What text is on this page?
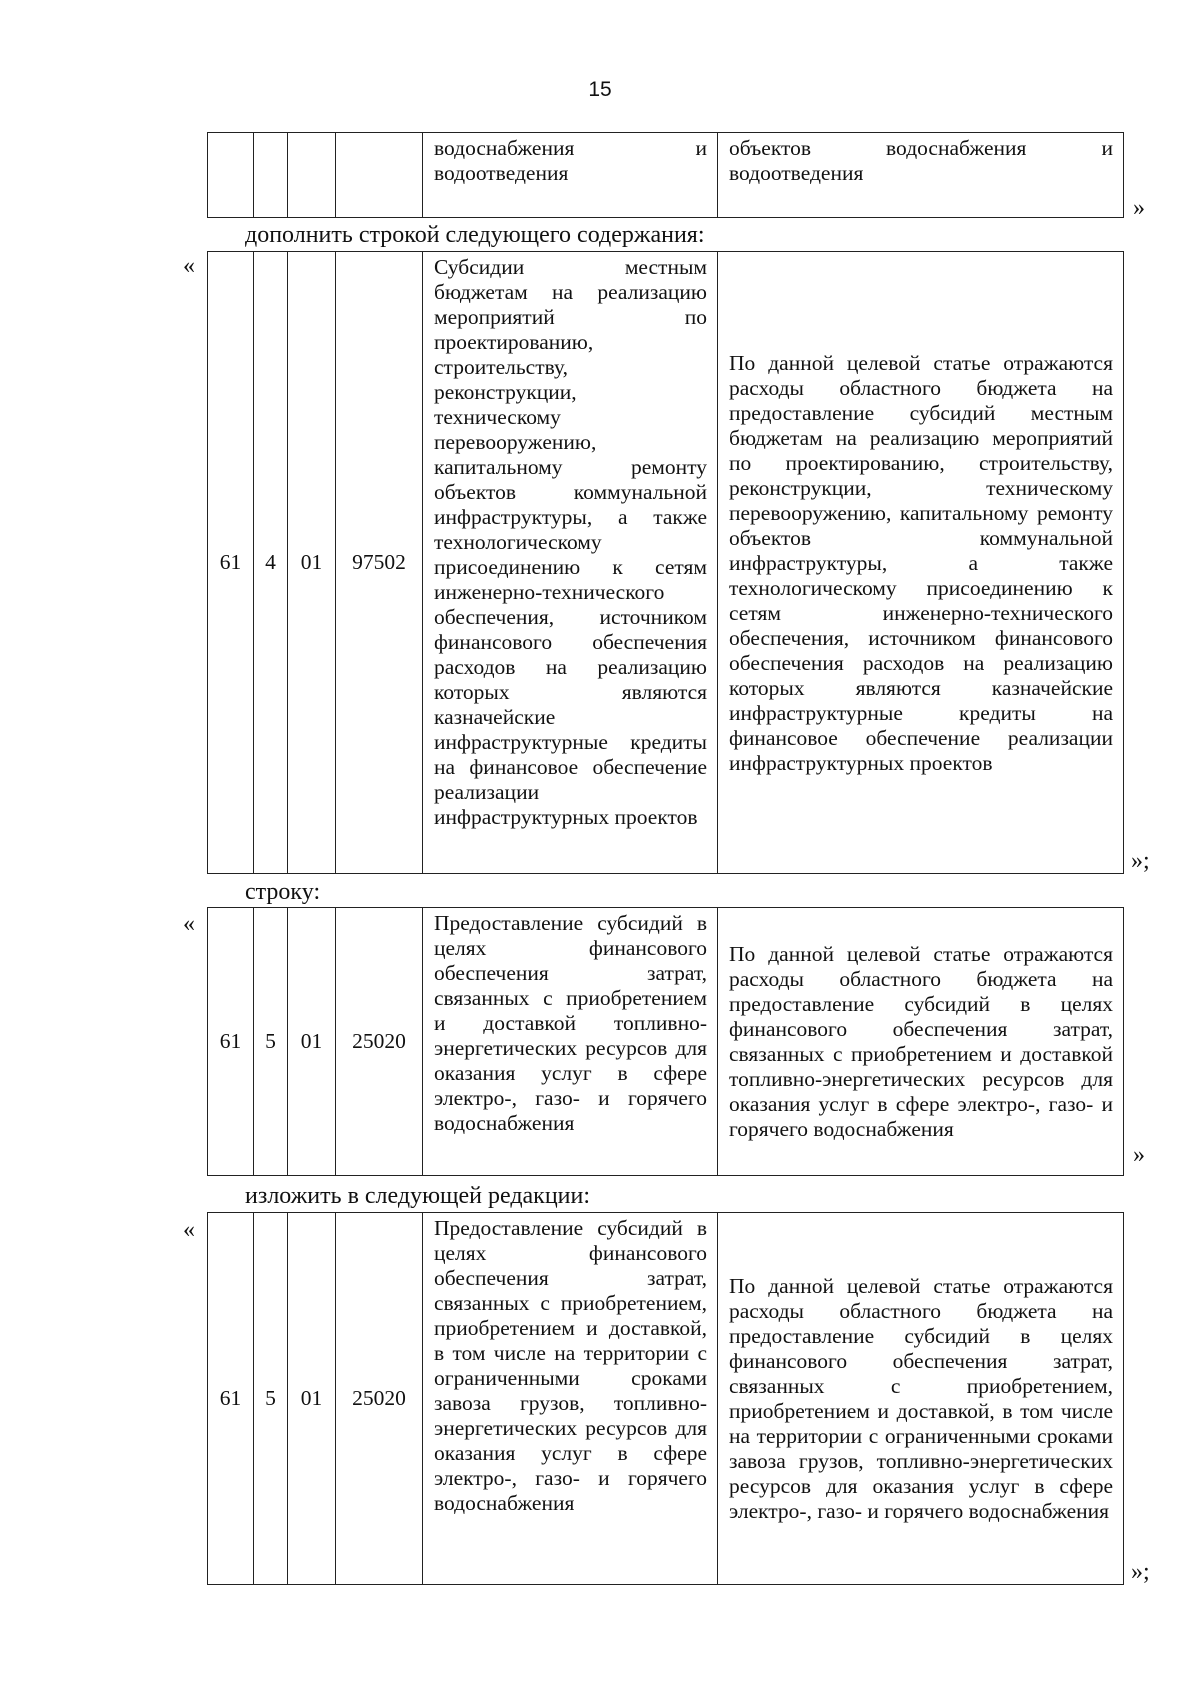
15
				водоснабжения и водоотведения	объектов водоснабжения и водоотведения
»
дополнить строкой следующего содержания:
«
61	4	01	97502	Субсидии местным бюджетам на реализацию мероприятий по проектированию, строительству, реконструкции, техническому перевооружению, капитальному ремонту объектов коммунальной инфраструктуры, а также технологическому присоединению к сетям инженерно-технического обеспечения, источником финансового обеспечения расходов на реализацию которых являются казначейские инфраструктурные кредиты на финансовое обеспечение реализации инфраструктурных проектов	По данной целевой статье отражаются расходы областного бюджета на предоставление субсидий местным бюджетам на реализацию мероприятий по проектированию, строительству, реконструкции, техническому перевооружению, капитальному ремонту объектов коммунальной инфраструктуры, а также технологическому присоединению к сетям инженерно-технического обеспечения, источником финансового обеспечения расходов на реализацию которых являются казначейские инфраструктурные кредиты на финансовое обеспечение реализации инфраструктурных проектов
»;
строку:
«
61	5	01	25020	Предоставление субсидий в целях финансового обеспечения затрат, связанных с приобретением и доставкой топливно-энергетических ресурсов для оказания услуг в сфере электро-, газо- и горячего водоснабжения	По данной целевой статье отражаются расходы областного бюджета на предоставление субсидий в целях финансового обеспечения затрат, связанных с приобретением и доставкой топливно-энергетических ресурсов для оказания услуг в сфере электро-, газо- и горячего водоснабжения
»
изложить в следующей редакции:
«
61	5	01	25020	Предоставление субсидий в целях финансового обеспечения затрат, связанных с приобретением, приобретением и доставкой, в том числе на территории с ограниченными сроками завоза грузов, топливно-энергетических ресурсов для оказания услуг в сфере электро-, газо- и горячего водоснабжения	По данной целевой статье отражаются расходы областного бюджета на предоставление субсидий в целях финансового обеспечения затрат, связанных с приобретением, приобретением и доставкой, в том числе на территории с ограниченными сроками завоза грузов, топливно-энергетических ресурсов для оказания услуг в сфере электро-, газо- и горячего водоснабжения
»;
